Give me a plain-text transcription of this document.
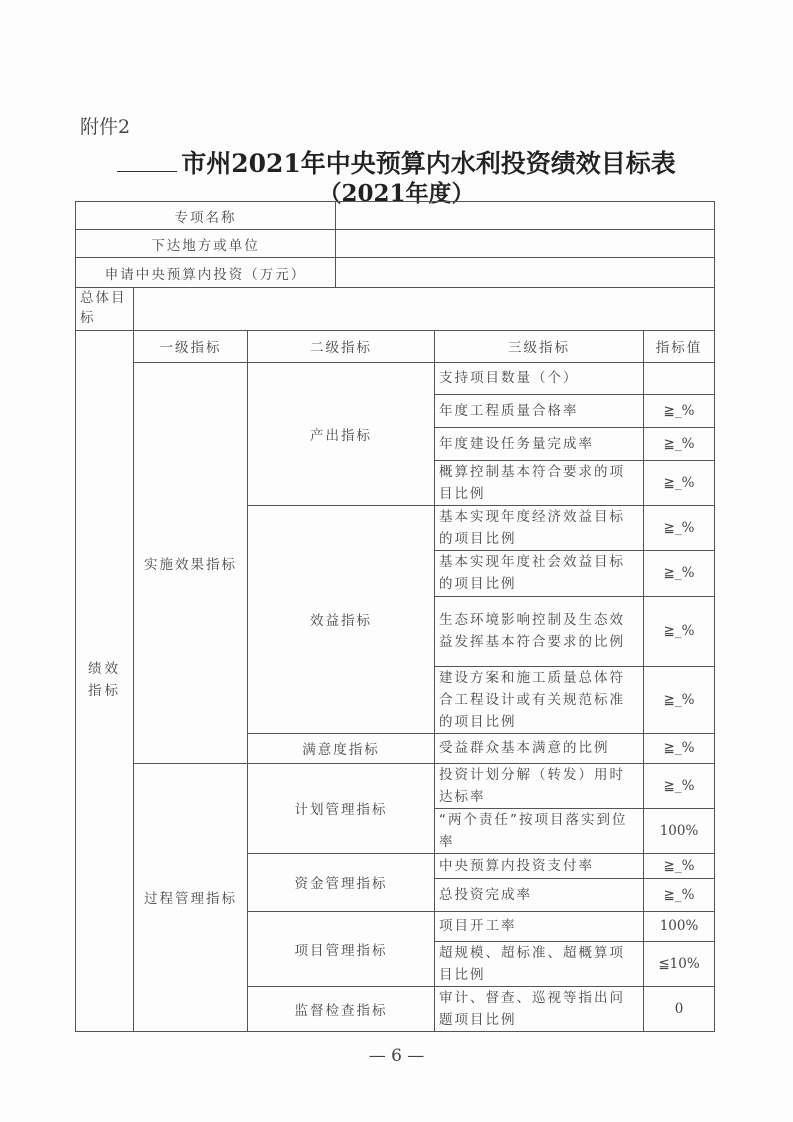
附件2
市州2021年中央预算内水利投资绩效目标表
（2021年度）
专项名称	
下达地方或单位	
申请中央预算内投资（万元）	
总体目标	
绩效指标	一级指标	二级指标	三级指标	指标值
	实施效果指标	产出指标	支持项目数量（个）	
			年度工程质量合格率	≧_%
			年度建设任务量完成率	≧_%
			概算控制基本符合要求的项目比例	≧_%
		效益指标	基本实现年度经济效益目标的项目比例	≧_%
			基本实现年度社会效益目标的项目比例	≧_%
			生态环境影响控制及生态效益发挥基本符合要求的比例	≧_%
			建设方案和施工质量总体符合工程设计或有关规范标准的项目比例	≧_%
		满意度指标	受益群众基本满意的比例	≧_%
	过程管理指标	计划管理指标	投资计划分解（转发）用时达标率	≧_%
			“两个责任”按项目落实到位率	100%
		资金管理指标	中央预算内投资支付率	≧_%
			总投资完成率	≧_%
		项目管理指标	项目开工率	100%
			超规模、超标准、超概算项目比例	≦10%
		监督检查指标	审计、督查、巡视等指出问题项目比例	0
— 6 —
